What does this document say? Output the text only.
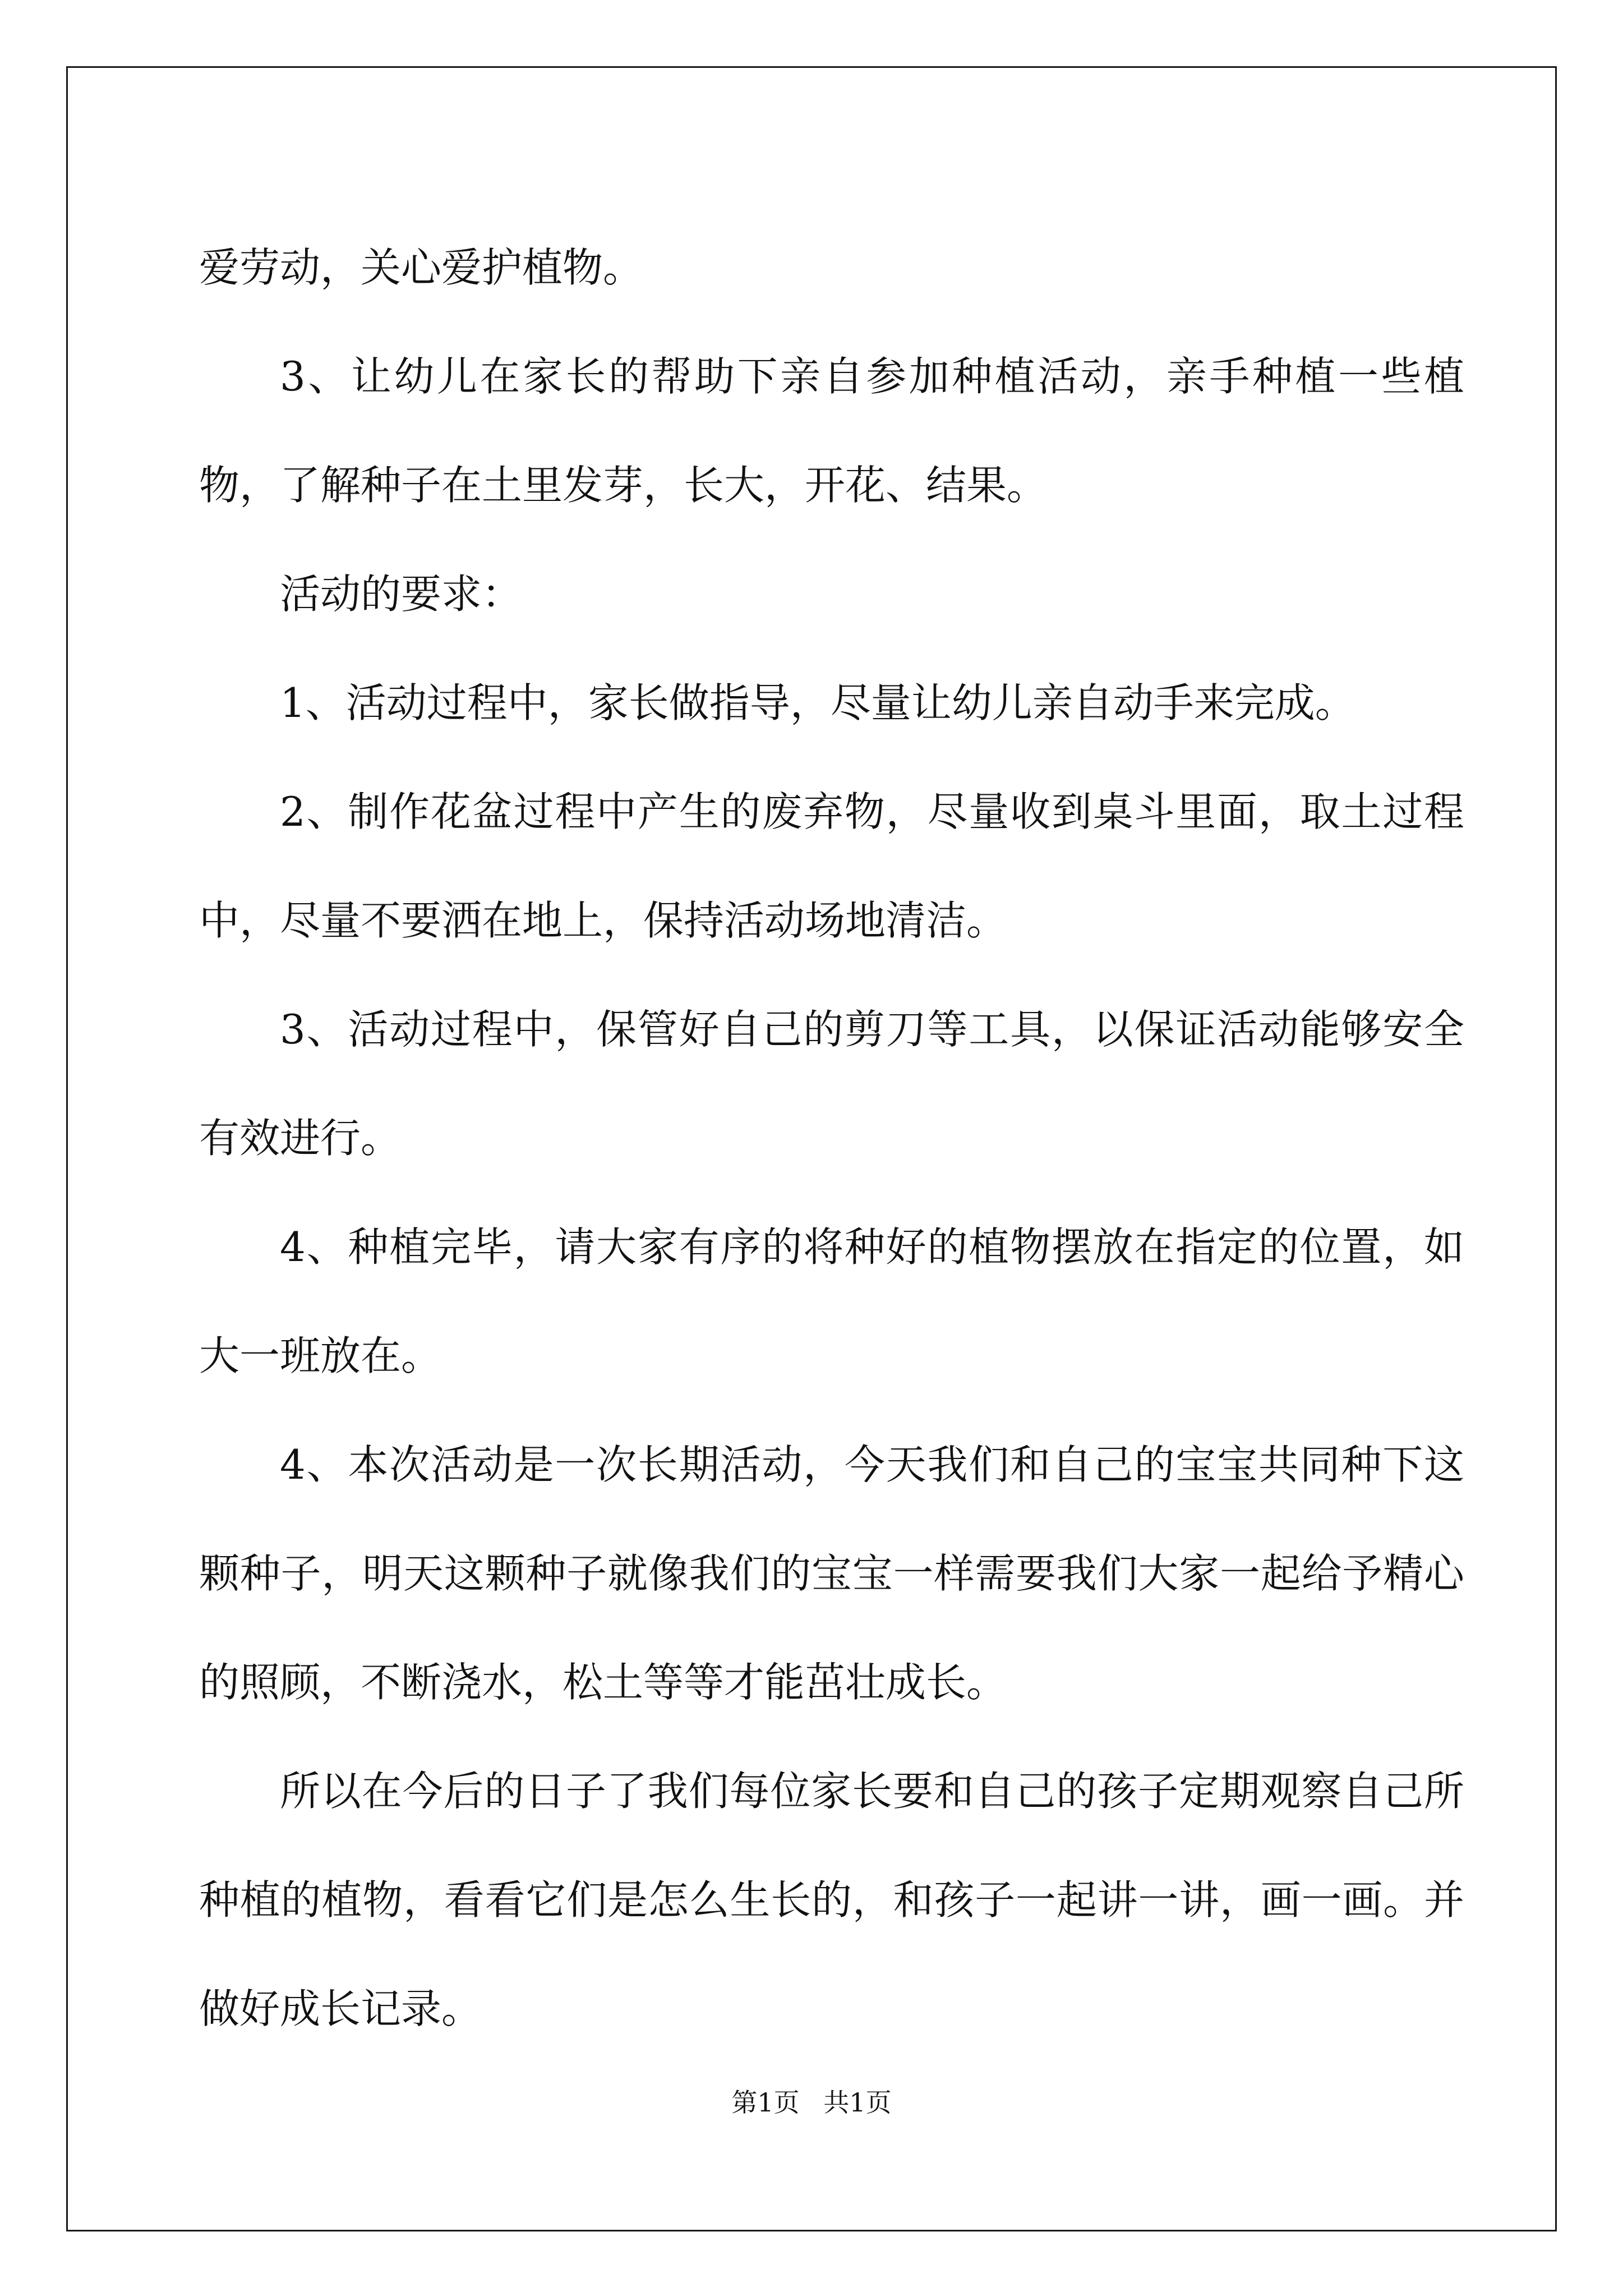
爱劳动，关心爱护植物。

3、让幼儿在家长的帮助下亲自参加种植活动，亲手种植一些植物，了解种子在土里发芽，长大，开花、结果。

活动的要求：

1、活动过程中，家长做指导，尽量让幼儿亲自动手来完成。

2、制作花盆过程中产生的废弃物，尽量收到桌斗里面，取土过程中，尽量不要洒在地上，保持活动场地清洁。

3、活动过程中，保管好自己的剪刀等工具，以保证活动能够安全有效进行。

4、种植完毕，请大家有序的将种好的植物摆放在指定的位置，如大一班放在。

4、本次活动是一次长期活动，今天我们和自己的宝宝共同种下这颗种子，明天这颗种子就像我们的宝宝一样需要我们大家一起给予精心的照顾，不断浇水，松土等等才能茁壮成长。

所以在今后的日子了我们每位家长要和自己的孩子定期观察自己所种植的植物，看看它们是怎么生长的，和孩子一起讲一讲，画一画。并做好成长记录。

第1页 共1页
